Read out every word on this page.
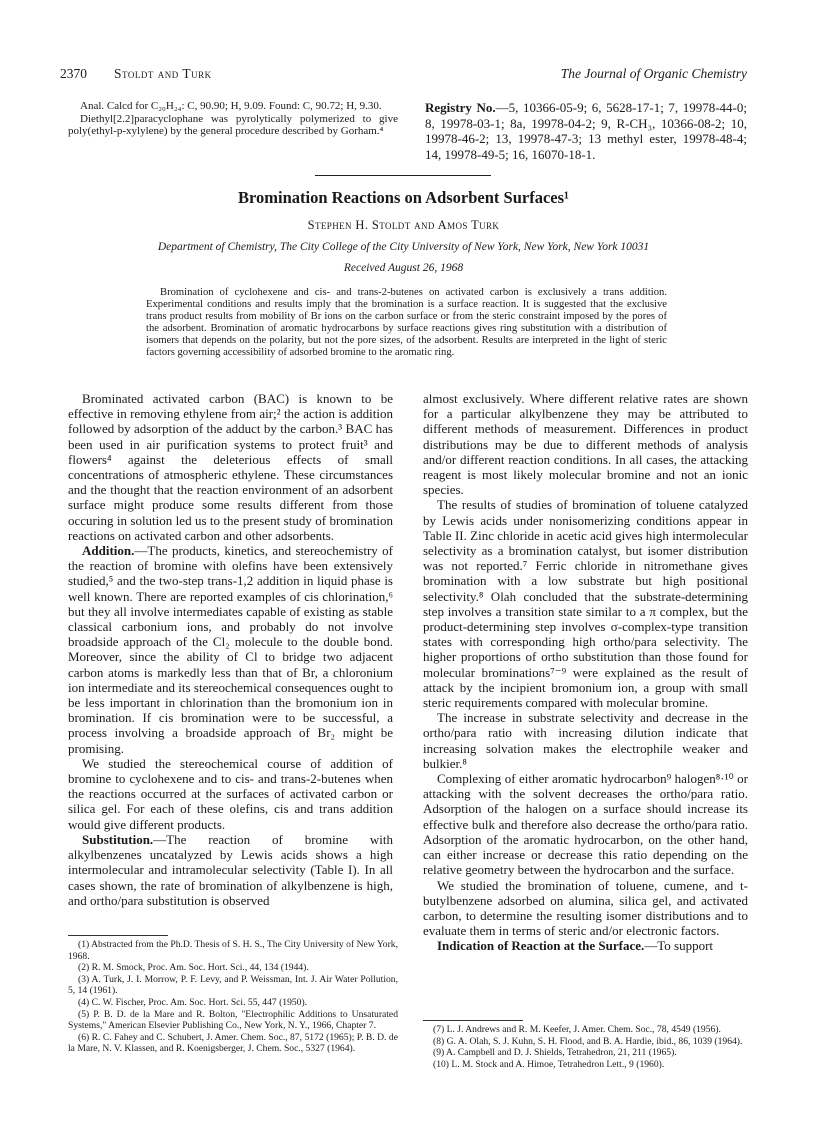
2370 Stoldt and Turk	The Journal of Organic Chemistry

Anal. Calcd for C₂₀H₂₄: C, 90.90; H, 9.09. Found: C, 90.72; H, 9.30.

Diethyl[2.2]paracyclophane was pyrolytically polymerized to give poly(ethyl-p-xylylene) by the general procedure described by Gorham.⁴

Registry No.—5, 10366-05-9; 6, 5628-17-1; 7, 19978-44-0; 8, 19978-03-1; 8a, 19978-04-2; 9, R-CH₃, 10366-08-2; 10, 19978-46-2; 13, 19978-47-3; 13 methyl ester, 19978-48-4; 14, 19978-49-5; 16, 16070-18-1.
Bromination Reactions on Adsorbent Surfaces¹
Stephen H. Stoldt and Amos Turk
Department of Chemistry, The City College of the City University of New York, New York, New York 10031
Received August 26, 1968

Bromination of cyclohexene and cis- and trans-2-butenes on activated carbon is exclusively a trans addition. Experimental conditions and results imply that the bromination is a surface reaction. It is suggested that the exclusive trans product results from mobility of Br ions on the carbon surface or from the steric constraint imposed by the pores of the adsorbent. Bromination of aromatic hydrocarbons by surface reactions gives ring substitution with a distribution of isomers that depends on the polarity, but not the pore sizes, of the adsorbent. Results are interpreted in the light of steric factors governing accessibility of adsorbed bromine to the aromatic ring.

Brominated activated carbon (BAC) is known to be effective in removing ethylene from air;² the action is addition followed by adsorption of the adduct by the carbon.³ BAC has been used in air purification systems to protect fruit³ and flowers⁴ against the deleterious effects of small concentrations of atmospheric ethylene. These circumstances and the thought that the reaction environment of an adsorbent surface might produce some results different from those occuring in solution led us to the present study of bromination reactions on activated carbon and other adsorbents.

Addition.—The products, kinetics, and stereochemistry of the reaction of bromine with olefins have been extensively studied,⁵ and the two-step trans-1,2 addition in liquid phase is well known. There are reported examples of cis chlorination,⁶ but they all involve intermediates capable of existing as stable classical carbonium ions, and probably do not involve broadside approach of the Cl₂ molecule to the double bond. Moreover, since the ability of Cl to bridge two adjacent carbon atoms is markedly less than that of Br, a chloronium ion intermediate and its stereochemical consequences ought to be less important in chlorination than the bromonium ion in bromination. If cis bromination were to be successful, a process involving a broadside approach of Br₂ might be promising.

We studied the stereochemical course of addition of bromine to cyclohexene and to cis- and trans-2-butenes when the reactions occurred at the surfaces of activated carbon or silica gel. For each of these olefins, cis and trans addition would give different products.

Substitution.—The reaction of bromine with alkylbenzenes uncatalyzed by Lewis acids shows a high intermolecular and intramolecular selectivity (Table I). In all cases shown, the rate of bromination of alkylbenzene is high, and ortho/para substitution is observed

almost exclusively. Where different relative rates are shown for a particular alkylbenzene they may be attributed to different methods of measurement. Differences in product distributions may be due to different methods of analysis and/or different reaction conditions. In all cases, the attacking reagent is most likely molecular bromine and not an ionic species.

The results of studies of bromination of toluene catalyzed by Lewis acids under nonisomerizing conditions appear in Table II. Zinc chloride in acetic acid gives high intermolecular selectivity as a bromination catalyst, but isomer distribution was not reported.⁷ Ferric chloride in nitromethane gives bromination with a low substrate but high positional selectivity.⁸ Olah concluded that the substrate-determining step involves a transition state similar to a π complex, but the product-determining step involves σ-complex-type transition states with corresponding high ortho/para selectivity. The higher proportions of ortho substitution than those found for molecular brominations⁷⁻⁹ were explained as the result of attack by the incipient bromonium ion, a group with small steric requirements compared with molecular bromine.

The increase in substrate selectivity and decrease in the ortho/para ratio with increasing dilution indicate that increasing solvation makes the electrophile weaker and bulkier.⁸

Complexing of either aromatic hydrocarbon⁹ halogen⁸·¹⁰ or attacking with the solvent decreases the ortho/para ratio. Adsorption of the halogen on a surface should increase its effective bulk and therefore also decrease the ortho/para ratio. Adsorption of the aromatic hydrocarbon, on the other hand, can either increase or decrease this ratio depending on the relative geometry between the hydrocarbon and the surface.

We studied the bromination of toluene, cumene, and t-butylbenzene adsorbed on alumina, silica gel, and activated carbon, to determine the resulting isomer distributions and to evaluate them in terms of steric and/or electronic factors.

Indication of Reaction at the Surface.—To support

(1) Abstracted from the Ph.D. Thesis of S. H. S., The City University of New York, 1968.

(2) R. M. Smock, Proc. Am. Soc. Hort. Sci., 44, 134 (1944).

(3) A. Turk, J. I. Morrow, P. F. Levy, and P. Weissman, Int. J. Air Water Pollution, 5, 14 (1961).

(4) C. W. Fischer, Proc. Am. Soc. Hort. Sci. 55, 447 (1950).

(5) P. B. D. de la Mare and R. Bolton, "Electrophilic Additions to Unsaturated Systems," American Elsevier Publishing Co., New York, N. Y., 1966, Chapter 7.

(6) R. C. Fahey and C. Schubert, J. Amer. Chem. Soc., 87, 5172 (1965); P. B. D. de la Mare, N. V. Klassen, and R. Koenigsberger, J. Chem. Soc., 5327 (1964).

(7) L. J. Andrews and R. M. Keefer, J. Amer. Chem. Soc., 78, 4549 (1956).

(8) G. A. Olah, S. J. Kuhn, S. H. Flood, and B. A. Hardie, ibid., 86, 1039 (1964).

(9) A. Campbell and D. J. Shields, Tetrahedron, 21, 211 (1965).

(10) L. M. Stock and A. Himoe, Tetrahedron Lett., 9 (1960).
